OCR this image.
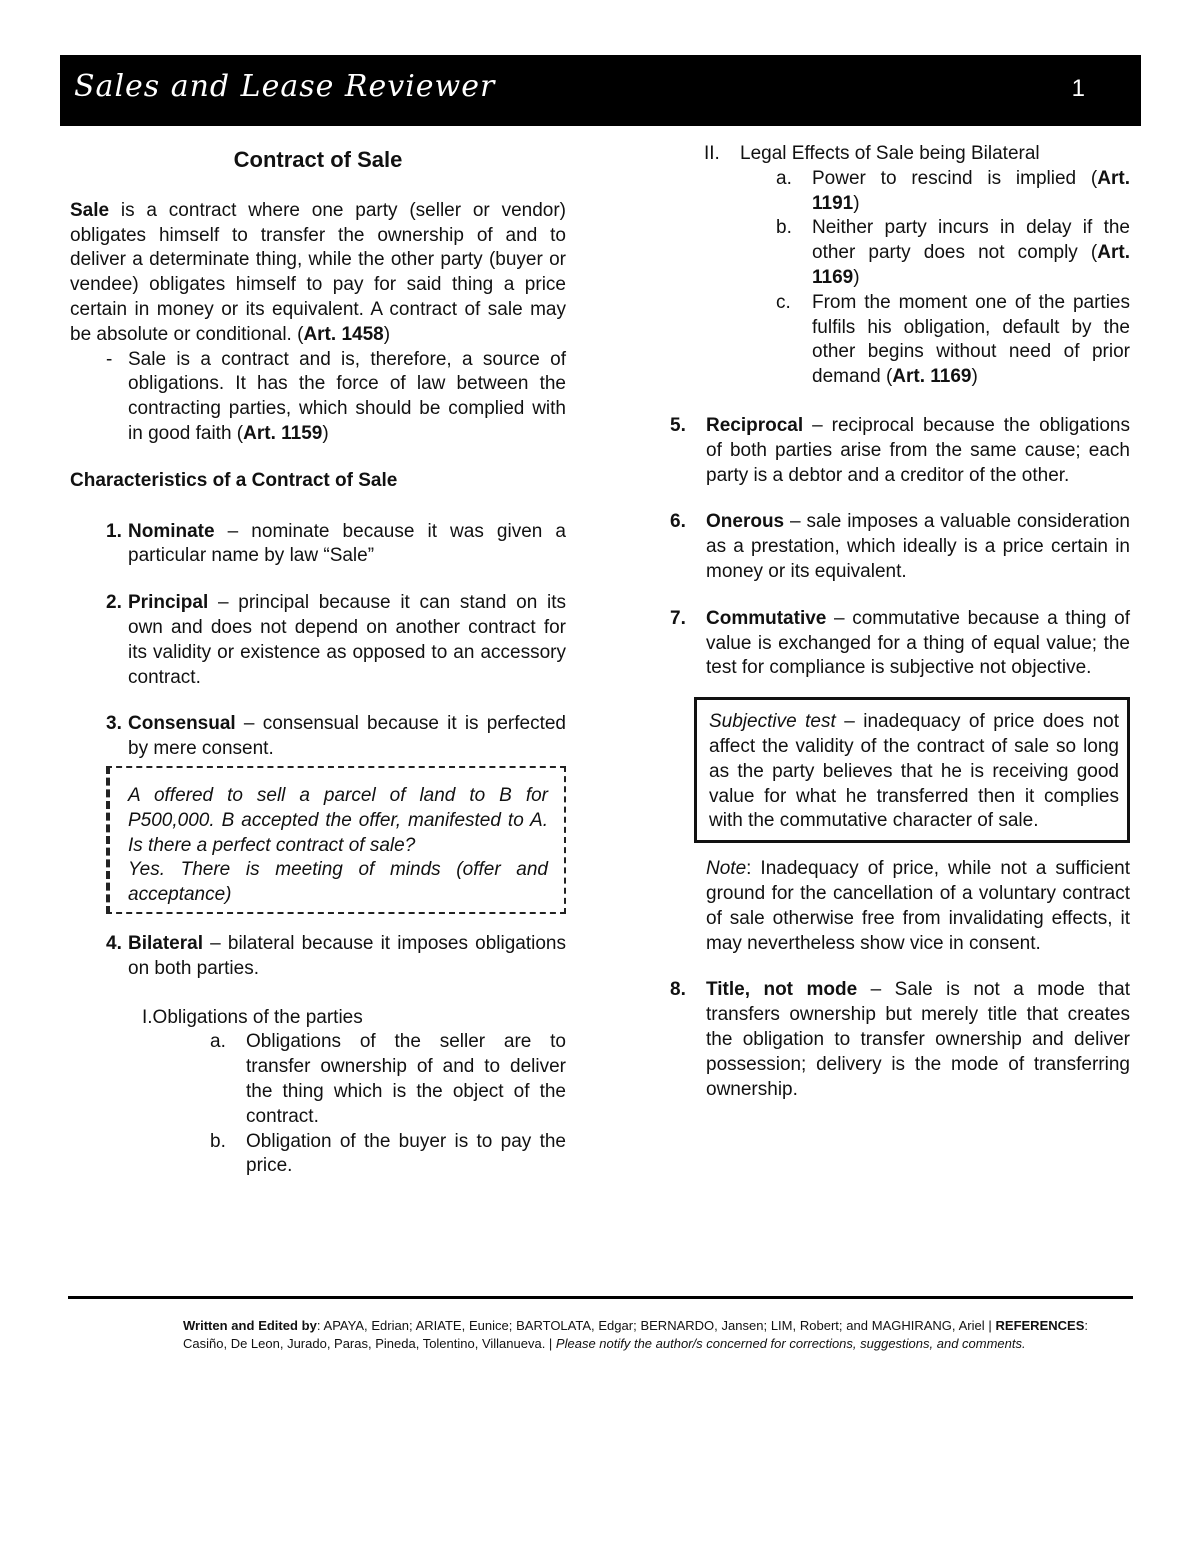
Sales and Lease Reviewer	1

Contract of Sale

Sale is a contract where one party (seller or vendor) obligates himself to transfer the ownership of and to deliver a determinate thing, while the other party (buyer or vendee) obligates himself to pay for said thing a price certain in money or its equivalent. A contract of sale may be absolute or conditional. (Art. 1458)

- Sale is a contract and is, therefore, a source of obligations. It has the force of law between the contracting parties, which should be complied with in good faith (Art. 1159)

Characteristics of a Contract of Sale

1. Nominate – nominate because it was given a particular name by law “Sale”

2. Principal – principal because it can stand on its own and does not depend on another contract for its validity or existence as opposed to an accessory contract.

3. Consensual – consensual because it is perfected by mere consent.

A offered to sell a parcel of land to B for P500,000. B accepted the offer, manifested to A. Is there a perfect contract of sale?

Yes. There is meeting of minds (offer and acceptance)

4. Bilateral – bilateral because it imposes obligations on both parties.

I.Obligations of the parties

a. Obligations of the seller are to transfer ownership of and to deliver the thing which is the object of the contract.

b. Obligation of the buyer is to pay the price.

II. Legal Effects of Sale being Bilateral

a. Power to rescind is implied (Art. 1191)

b. Neither party incurs in delay if the other party does not comply (Art. 1169)

c. From the moment one of the parties fulfils his obligation, default by the other begins without need of prior demand (Art. 1169)

5. Reciprocal – reciprocal because the obligations of both parties arise from the same cause; each party is a debtor and a creditor of the other.

6. Onerous – sale imposes a valuable consideration as a prestation, which ideally is a price certain in money or its equivalent.

7. Commutative – commutative because a thing of value is exchanged for a thing of equal value; the test for compliance is subjective not objective.

Subjective test – inadequacy of price does not affect the validity of the contract of sale so long as the party believes that he is receiving good value for what he transferred then it complies with the commutative character of sale.

Note: Inadequacy of price, while not a sufficient ground for the cancellation of a voluntary contract of sale otherwise free from invalidating effects, it may nevertheless show vice in consent.

8. Title, not mode – Sale is not a mode that transfers ownership but merely title that creates the obligation to transfer ownership and deliver possession; delivery is the mode of transferring ownership.

Written and Edited by: APAYA, Edrian; ARIATE, Eunice; BARTOLATA, Edgar; BERNARDO, Jansen; LIM, Robert; and MAGHIRANG, Ariel | REFERENCES: Casiño, De Leon, Jurado, Paras, Pineda, Tolentino, Villanueva. | Please notify the author/s concerned for corrections, suggestions, and comments.
